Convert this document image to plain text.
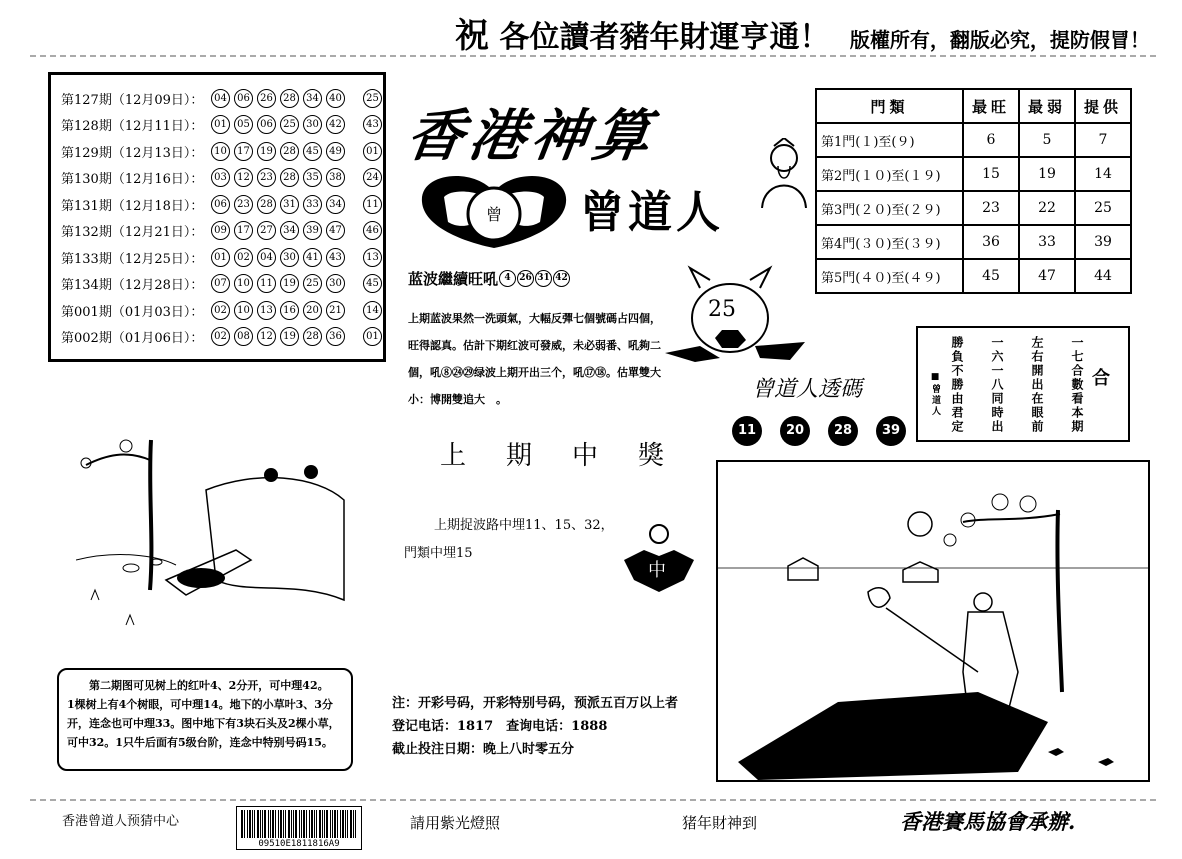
祝 各位讀者豬年財運亨通！ 版權所有，翻版必究，提防假冒！
第127期（12月09日）：	04	06	26	28	34	40	25
第128期（12月11日）：	01	05	06	25	30	42	43
第129期（12月13日）：	10	17	19	28	45	49	01
第130期（12月16日）：	03	12	23	28	35	38	24
第131期（12月18日）：	06	23	28	31	33	34	11
第132期（12月21日）：	09	17	27	34	39	47	46
第133期（12月25日）：	01	02	04	30	41	43	13
第134期（12月28日）：	07	10	11	19	25	30	45
第001期（01月03日）：	02	10	13	16	20	21	14
第002期（01月06日）：	02	08	12	19	28	36	01
曾
香港神算
曾道人
蓝波繼續旺吼 4 26 31 42
上期蓝波果然一洗頭氣，大幅反彈七個號碼占四個，旺得認真。估計下期红波可發威，未必弱番、吼夠二個，吼⑧㉔㉙绿波上期开出三个，吼⑰⑱。估單雙大小：博開雙追大　。
上期中獎
上期捉波路中埋11、15、32，
門類中埋15
門類	最旺	最弱	提供
第1門(１)至(９)	6	5	7
第2門(１０)至(１９)	15	19	14
第3門(２０)至(２９)	23	22	25
第4門(３０)至(３９)	36	33	39
第5門(４０)至(４９)	45	47	44
25
合
一七合數看本期
左右開出在眼前
一六一八同時出
勝負不勝由君定
■曾道人
曾道人透碼
11	20	28	39
中
第二期图可见树上的红叶4、2分开，可中理42。
1棵树上有4个树眼，可中理14。地下的小草叶3、3分
开，连念也可中理33。图中地下有3块石头及2棵小草，
可中32。1只牛后面有5级台阶，连念中特别号码15。
注：开彩号码，开彩特别号码，预派五百万以上者
登记电话：1817　查询电话：1888
截止投注日期：晚上八时零五分
香港曾道人预猜中心
09510E1811816A9
請用紫光燈照	猪年財神到	香港賽馬協會承辦.
